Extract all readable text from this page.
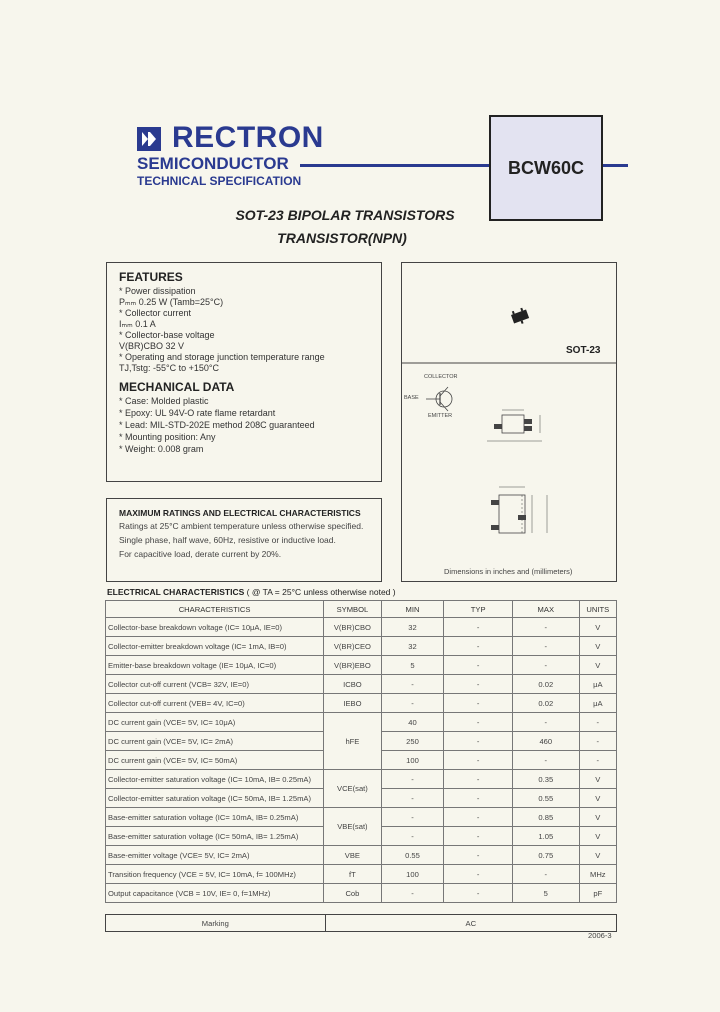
RECTRON
SEMICONDUCTOR
TECHNICAL SPECIFICATION
BCW60C
SOT-23 BIPOLAR TRANSISTORS
TRANSISTOR(NPN)
FEATURES
* Power dissipation
Pₘₘ 0.25 W (Tamb=25°C)
* Collector current
Iₘₘ 0.1 A
* Collector-base voltage
V(BR)CBO 32 V
* Operating and storage junction temperature range
TJ,Tstg: -55°C to +150°C
MECHANICAL DATA
* Case: Molded plastic
* Epoxy: UL 94V-O rate flame retardant
* Lead: MIL-STD-202E method 208C guaranteed
* Mounting position: Any
* Weight: 0.008 gram
SOT-23
COLLECTOR
BASE
EMITTER
Dimensions in inches and (millimeters)
MAXIMUM RATINGS AND ELECTRICAL CHARACTERISTICS
Ratings at 25°C ambient temperature unless otherwise specified.
Single phase, half wave, 60Hz, resistive or inductive load.
For capacitive load, derate current by 20%.
ELECTRICAL CHARACTERISTICS ( @ TA = 25°C unless otherwise noted )
CHARACTERISTICS	SYMBOL	MIN	TYP	MAX	UNITS
Collector-base breakdown voltage (IC= 10μA, IE=0)	V(BR)CBO	32	-	-	V
Collector-emitter breakdown voltage (IC= 1mA, IB=0)	V(BR)CEO	32	-	-	V
Emitter-base breakdown voltage (IE= 10μA, IC=0)	V(BR)EBO	5	-	-	V
Collector cut-off current (VCB= 32V, IE=0)	ICBO	-	-	0.02	μA
Collector cut-off current (VEB= 4V, IC=0)	IEBO	-	-	0.02	μA
DC current gain (VCE= 5V, IC= 10μA)	hFE	40	-	-	-
DC current gain (VCE= 5V, IC= 2mA)		250	-	460	-
DC current gain (VCE= 5V, IC= 50mA)		100	-	-	-
Collector-emitter saturation voltage (IC= 10mA, IB= 0.25mA)	VCE(sat)	-	-	0.35	V
Collector-emitter saturation voltage (IC= 50mA, IB= 1.25mA)		-	-	0.55	V
Base-emitter saturation voltage (IC= 10mA, IB= 0.25mA)	VBE(sat)	-	-	0.85	V
Base-emitter saturation voltage (IC= 50mA, IB= 1.25mA)		-	-	1.05	V
Base-emitter voltage (VCE= 5V, IC= 2mA)	VBE	0.55	-	0.75	V
Transition frequency (VCE = 5V, IC= 10mA, f= 100MHz)	fT	100	-	-	MHz
Output capacitance (VCB = 10V, IE= 0, f=1MHz)	Cob	-	-	5	pF
Marking	AC
2006-3
